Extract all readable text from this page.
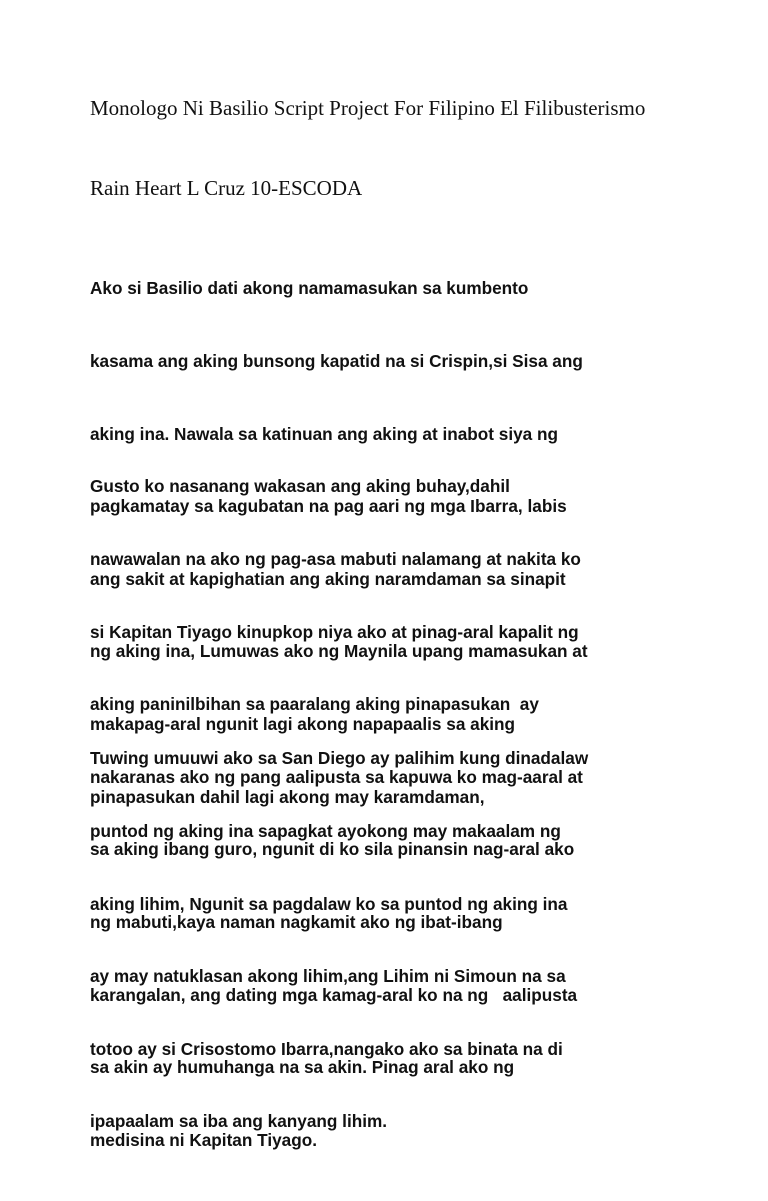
Monologo Ni Basilio Script Project For Filipino El Filibusterismo

Rain Heart L Cruz 10-ESCODA

Ako si Basilio dati akong namamasukan sa kumbento

kasama ang aking bunsong kapatid na si Crispin,si Sisa ang

aking ina. Nawala sa katinuan ang aking at inabot siya ng

pagkamatay sa kagubatan na pag aari ng mga Ibarra, labis

ang sakit at kapighatian ang aking naramdaman sa sinapit

ng aking ina, Lumuwas ako ng Maynila upang mamasukan at

makapag-aral ngunit lagi akong napapaalis sa aking

pinapasukan dahil lagi akong may karamdaman,

Gusto ko nasanang wakasan ang aking buhay,dahil

nawawalan na ako ng pag-asa mabuti nalamang at nakita ko

si Kapitan Tiyago kinupkop niya ako at pinag-aral kapalit ng

aking paninilbihan sa paaralang aking pinapasukan  ay

nakaranas ako ng pang aalipusta sa kapuwa ko mag-aaral at

sa aking ibang guro, ngunit di ko sila pinansin nag-aral ako

ng mabuti,kaya naman nagkamit ako ng ibat-ibang

karangalan, ang dating mga kamag-aral ko na ng   aalipusta

sa akin ay humuhanga na sa akin. Pinag aral ako ng

medisina ni Kapitan Tiyago.

Tuwing umuuwi ako sa San Diego ay palihim kung dinadalaw

puntod ng aking ina sapagkat ayokong may makaalam ng

aking lihim, Ngunit sa pagdalaw ko sa puntod ng aking ina

ay may natuklasan akong lihim,ang Lihim ni Simoun na sa

totoo ay si Crisostomo Ibarra,nangako ako sa binata na di

ipapaalam sa iba ang kanyang lihim.
